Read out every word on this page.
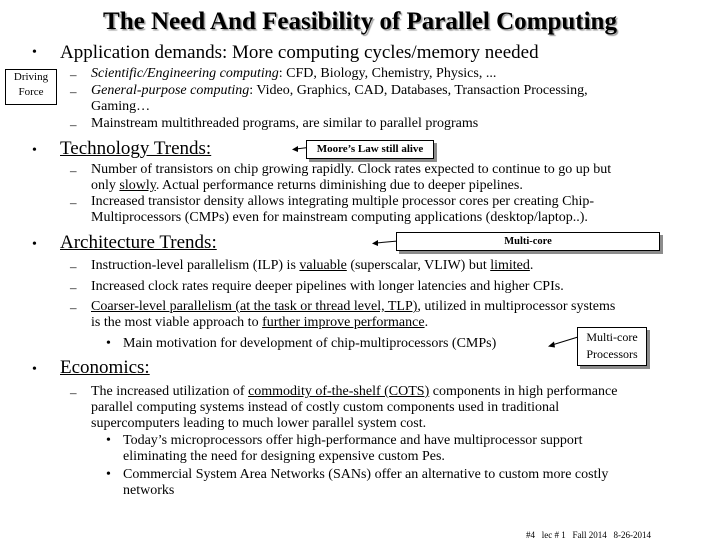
The Need And Feasibility of Parallel Computing
• Application demands: More computing cycles/memory needed
Driving
Force
– Scientific/Engineering computing: CFD, Biology, Chemistry, Physics, ...
– General-purpose computing: Video, Graphics, CAD, Databases, Transaction Processing,
Gaming…
– Mainstream multithreaded programs, are similar to parallel programs
• Technology Trends:	Moore’s Law still alive
– Number of transistors on chip growing rapidly. Clock rates expected to continue to go up but
only slowly. Actual performance returns diminishing due to deeper pipelines.
– Increased transistor density allows integrating multiple processor cores per creating Chip-
Multiprocessors (CMPs) even for mainstream computing applications (desktop/laptop..).
• Architecture Trends:	Multi-core
– Instruction-level parallelism (ILP) is valuable (superscalar, VLIW) but limited.
– Increased clock rates require deeper pipelines with longer latencies and higher CPIs.
– Coarser-level parallelism (at the task or thread level, TLP), utilized in multiprocessor systems
is the most viable approach to further improve performance.
• Main motivation for development of chip-multiprocessors (CMPs)	Multi-core
Processors
• Economics:
– The increased utilization of commodity of-the-shelf (COTS) components in high performance
parallel computing systems instead of costly custom components used in traditional
supercomputers leading to much lower parallel system cost.
• Today’s microprocessors offer high-performance and have multiprocessor support
eliminating the need for designing expensive custom Pes.
• Commercial System Area Networks (SANs) offer an alternative to custom more costly
networks
#4 lec # 1 Fall 2014 8-26-2014
